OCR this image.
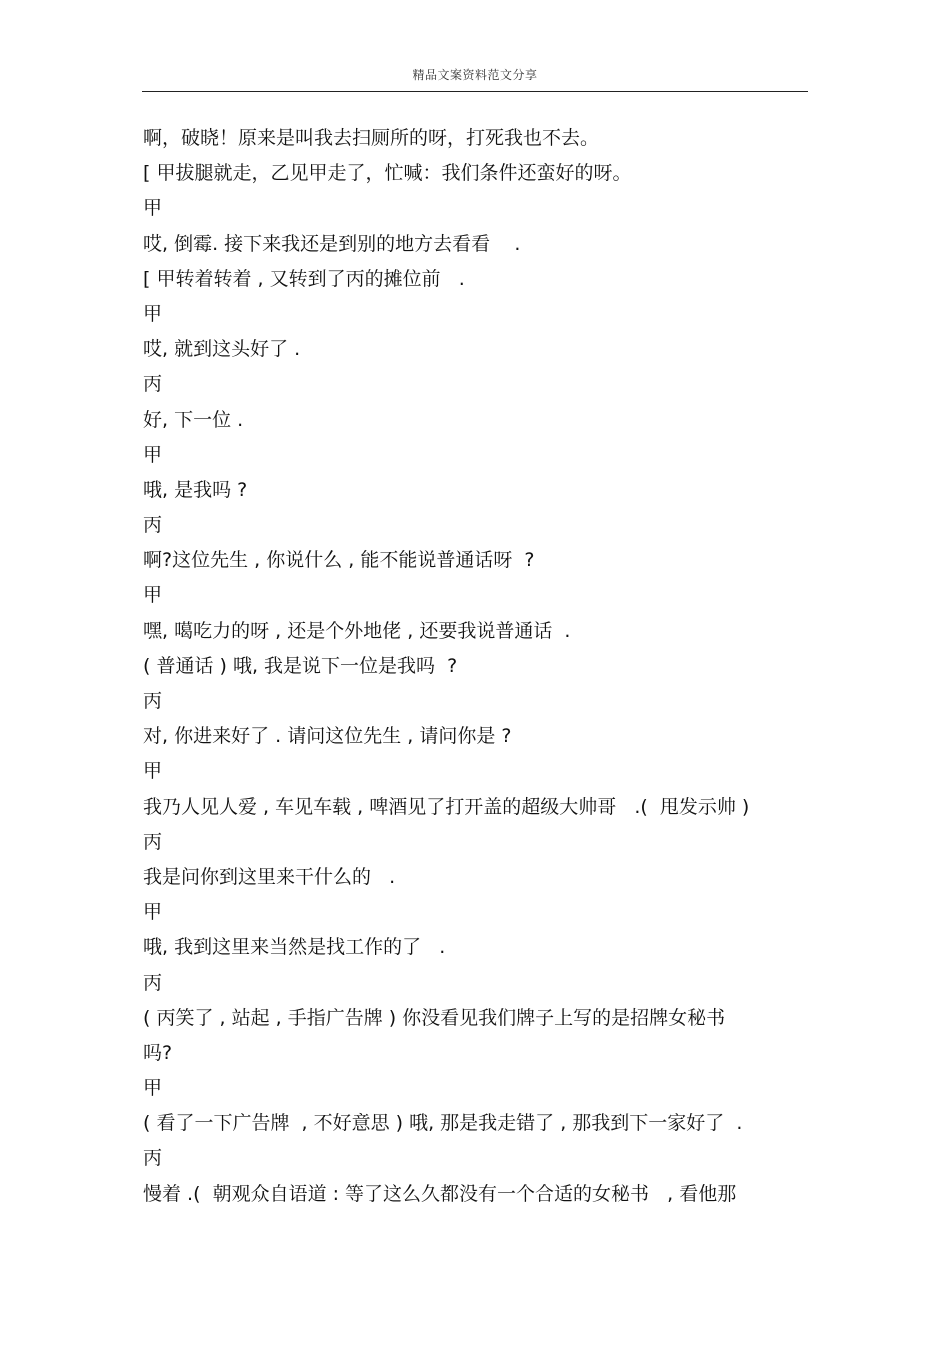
精品文案资料范文分享
啊，破晓！原来是叫我去扫厕所的呀，打死我也不去。
[ 甲拔腿就走，乙见甲走了，忙喊：我们条件还蛮好的呀。
甲
哎, 倒霉. 接下来我还是到别的地方去看看    .
[ 甲转着转着 , 又转到了丙的摊位前   .
甲
哎, 就到这头好了 .
丙
好, 下一位 .
甲
哦, 是我吗 ?
丙
啊?这位先生 , 你说什么 , 能不能说普通话呀  ?
甲
嘿, 噶吃力的呀 , 还是个外地佬 , 还要我说普通话  .
( 普通话 ) 哦, 我是说下一位是我吗  ?
丙
对, 你进来好了 . 请问这位先生 , 请问你是 ?
甲
我乃人见人爱 , 车见车载 , 啤酒见了打开盖的超级大帅哥   .(  甩发示帅 )
丙
我是问你到这里来干什么的   .
甲
哦, 我到这里来当然是找工作的了   .
丙
( 丙笑了 , 站起 , 手指广告牌 ) 你没看见我们牌子上写的是招牌女秘书
吗?
甲
( 看了一下广告牌  , 不好意思 ) 哦, 那是我走错了 , 那我到下一家好了  .
丙
慢着 .(  朝观众自语道 : 等了这么久都没有一个合适的女秘书   , 看他那
